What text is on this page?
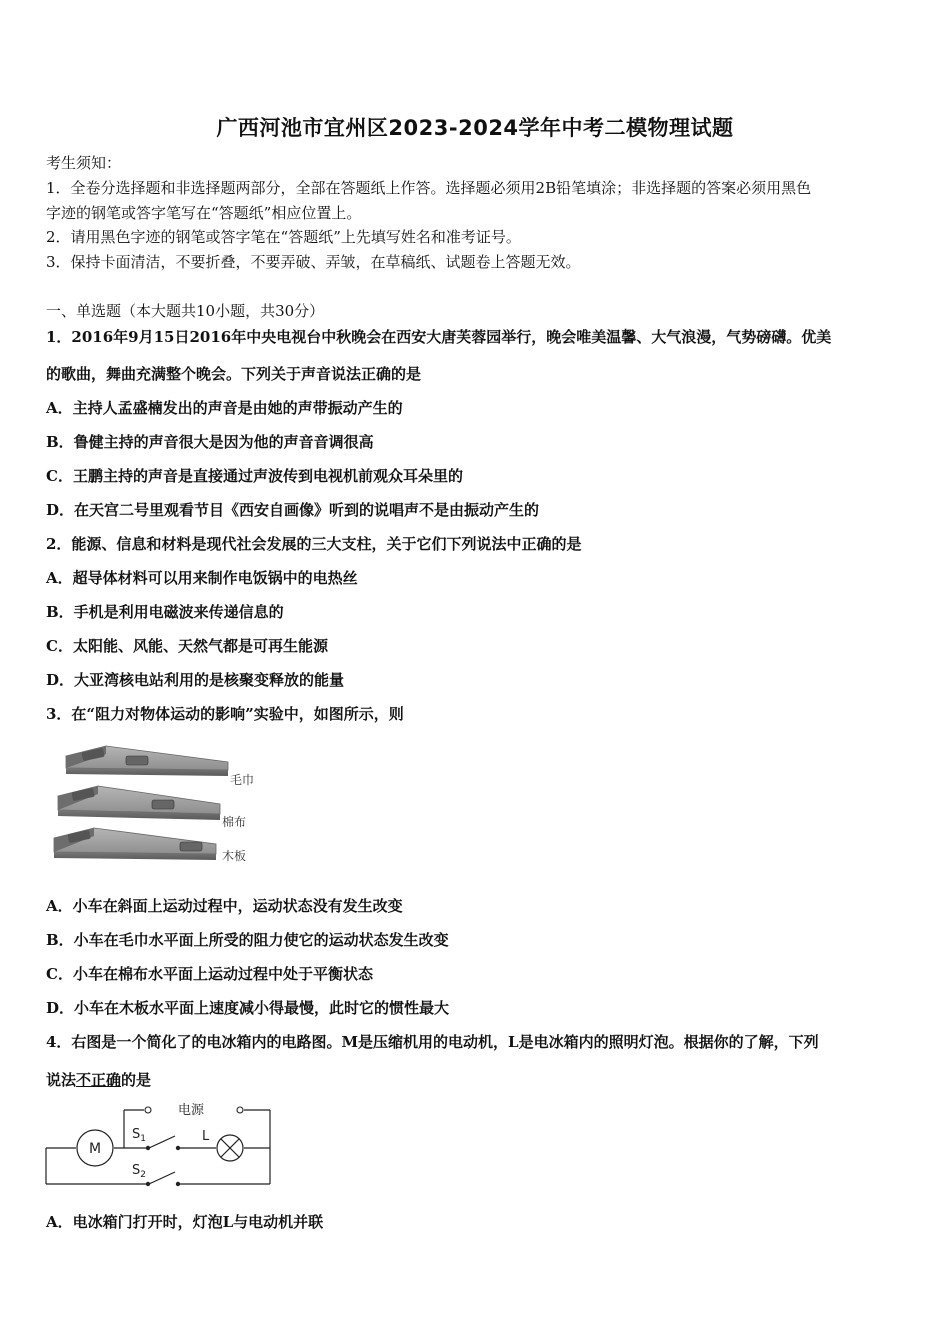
广西河池市宜州区2023-2024学年中考二模物理试题
考生须知：
1．全卷分选择题和非选择题两部分，全部在答题纸上作答。选择题必须用2B铅笔填涂；非选择题的答案必须用黑色
字迹的钢笔或答字笔写在“答题纸”相应位置上。
2．请用黑色字迹的钢笔或答字笔在“答题纸”上先填写姓名和准考证号。
3．保持卡面清洁，不要折叠，不要弄破、弄皱，在草稿纸、试题卷上答题无效。
一、单选题（本大题共10小题，共30分）
1．2016年9月15日2016年中央电视台中秋晚会在西安大唐芙蓉园举行，晚会唯美温馨、大气浪漫，气势磅礴。优美
的歌曲，舞曲充满整个晚会。下列关于声音说法正确的是
A．主持人孟盛楠发出的声音是由她的声带振动产生的
B．鲁健主持的声音很大是因为他的声音音调很高
C．王鹏主持的声音是直接通过声波传到电视机前观众耳朵里的
D．在天宫二号里观看节目《西安自画像》听到的说唱声不是由振动产生的
2．能源、信息和材料是现代社会发展的三大支柱，关于它们下列说法中正确的是
A．超导体材料可以用来制作电饭锅中的电热丝
B．手机是利用电磁波来传递信息的
C．太阳能、风能、天然气都是可再生能源
D．大亚湾核电站利用的是核聚变释放的能量
3．在“阻力对物体运动的影响”实验中，如图所示，则
毛巾
棉布
木板
A．小车在斜面上运动过程中，运动状态没有发生改变
B．小车在毛巾水平面上所受的阻力使它的运动状态发生改变
C．小车在棉布水平面上运动过程中处于平衡状态
D．小车在木板水平面上速度减小得最慢，此时它的惯性最大
4．右图是一个简化了的电冰箱内的电路图。M是压缩机用的电动机，L是电冰箱内的照明灯泡。根据你的了解，下列
说法不正确的是
M
L
电源
$S_1$
$S_2$
A．电冰箱门打开时，灯泡L与电动机并联
